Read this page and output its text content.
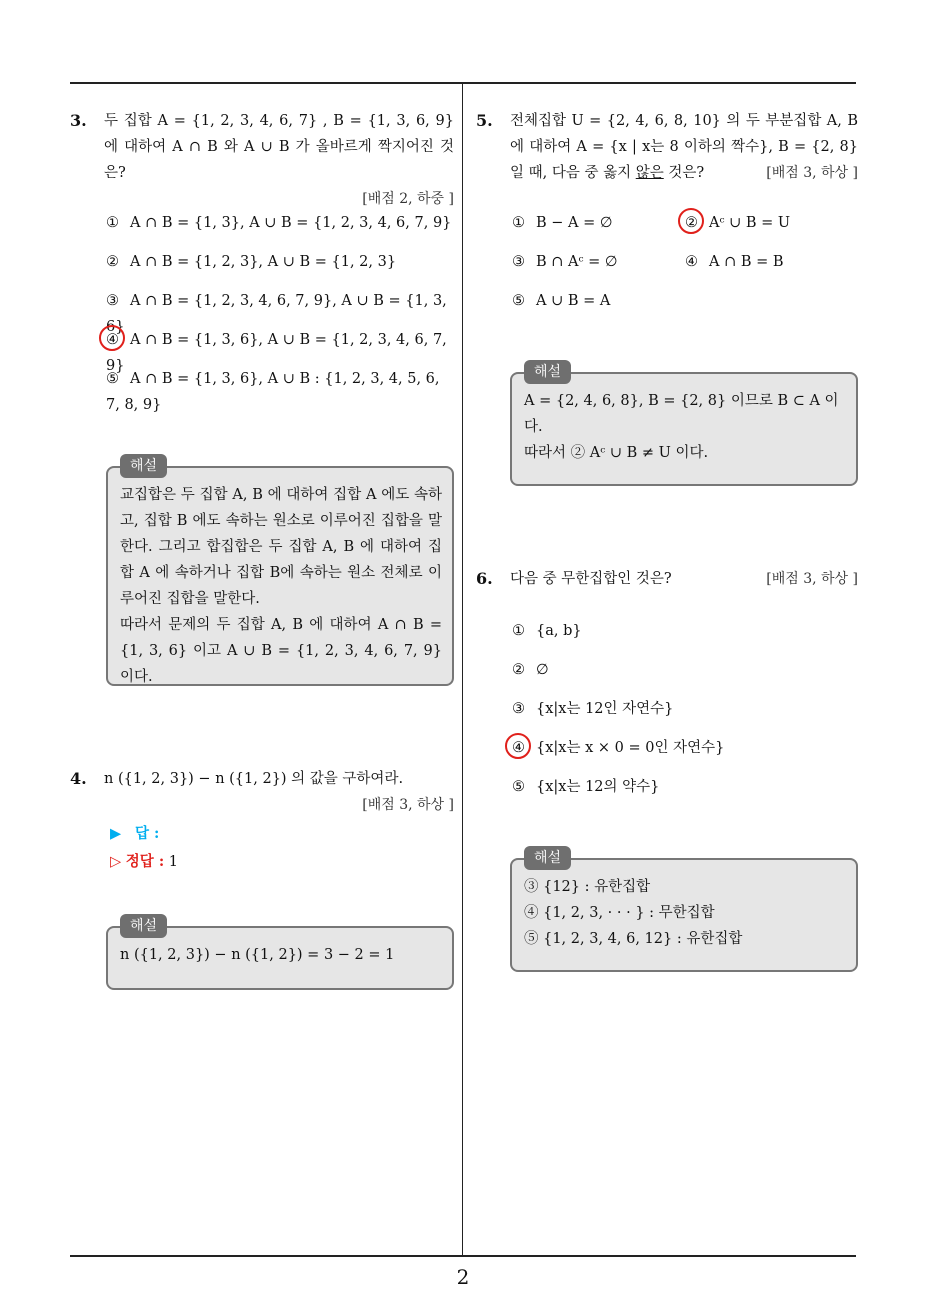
3.	두 집합 A = {1, 2, 3, 4, 6, 7} , B = {1, 3, 6, 9} 에 대하여 A ∩ B 와 A ∪ B 가 올바르게 짝지어진 것은?
[배점 2, 하중 ]
① A ∩ B = {1, 3}, A ∪ B = {1, 2, 3, 4, 6, 7, 9}
② A ∩ B = {1, 2, 3}, A ∪ B = {1, 2, 3}
③ A ∩ B = {1, 2, 3, 4, 6, 7, 9}, A ∪ B = {1, 3, 6}
④ A ∩ B = {1, 3, 6}, A ∪ B = {1, 2, 3, 4, 6, 7, 9}
⑤ A ∩ B = {1, 3, 6}, A ∪ B : {1, 2, 3, 4, 5, 6, 7, 8, 9}
해설
교집합은 두 집합 A, B 에 대하여 집합 A 에도 속하고, 집합 B 에도 속하는 원소로 이루어진 집합을 말한다. 그리고 합집합은 두 집합 A, B 에 대하여 집합 A 에 속하거나 집합 B에 속하는 원소 전체로 이루어진 집합을 말한다.
따라서 문제의 두 집합 A, B 에 대하여 A ∩ B = {1, 3, 6} 이고 A ∪ B = {1, 2, 3, 4, 6, 7, 9} 이다.
4.	n ({1, 2, 3}) − n ({1, 2}) 의 값을 구하여라.
[배점 3, 하상 ]
▶ 답 :
▷ 정답 : 1
해설
n ({1, 2, 3}) − n ({1, 2}) = 3 − 2 = 1
5.	전체집합 U = {2, 4, 6, 8, 10} 의 두 부분집합 A, B 에 대하여 A = {x | x는 8 이하의 짝수}, B = {2, 8} 일 때, 다음 중 옳지 않은 것은?	[배점 3, 하상 ]
① B − A = ∅	② Aᶜ ∪ B = U
③ B ∩ Aᶜ = ∅	④ A ∩ B = B
⑤ A ∪ B = A
해설
A = {2, 4, 6, 8}, B = {2, 8} 이므로 B ⊂ A 이다.
따라서 ② Aᶜ ∪ B ≠ U 이다.
6.	다음 중 무한집합인 것은?	[배점 3, 하상 ]
① {a, b}
② ∅
③ {x|x는 12인 자연수}
④ {x|x는 x × 0 = 0인 자연수}
⑤ {x|x는 12의 약수}
해설
③ {12} : 유한집합
④ {1, 2, 3, · · · } : 무한집합
⑤ {1, 2, 3, 4, 6, 12} : 유한집합
2
